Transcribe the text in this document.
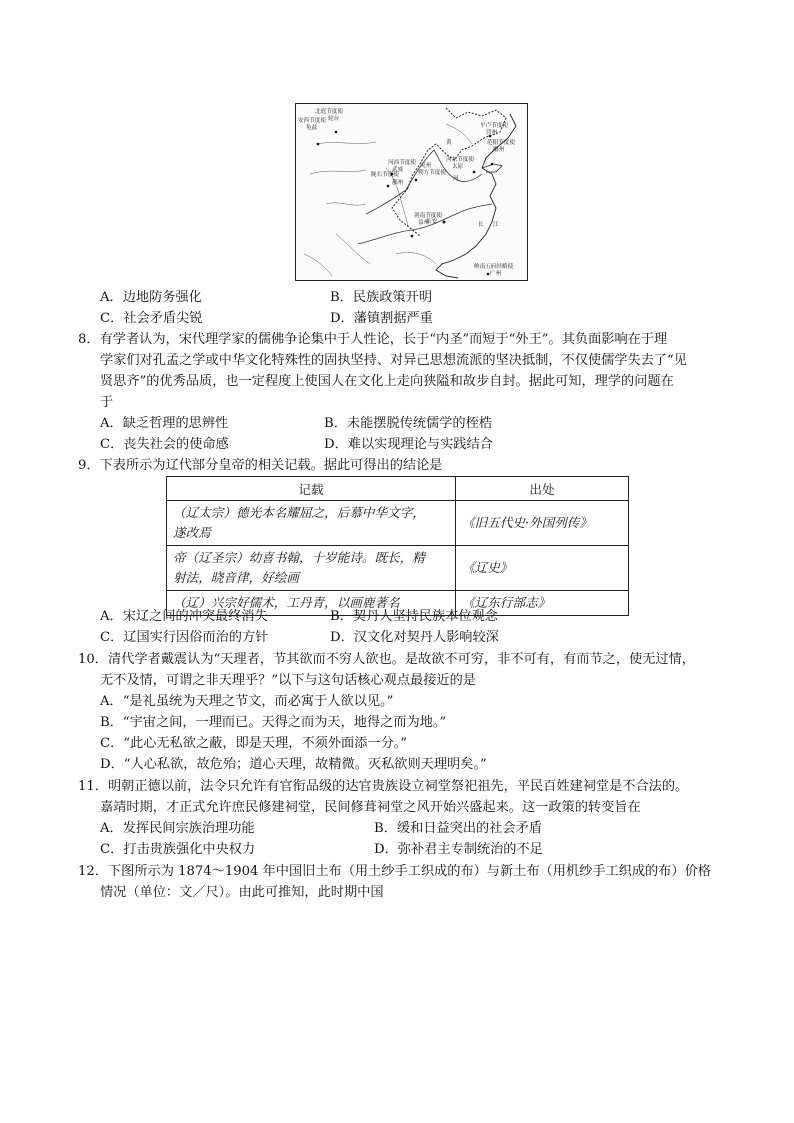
北庭节度使
轮台
安西节度使
龟兹	平卢节度使
营州
范阳节度使
幽州
河西节度使
武威	朔方节度使
灵州
河东节度使
太原
陇右节度使
鄯州
长安
剑南节度使
益州
岭南五府经略使
广州
黄
河
长 江
A．边地防务强化	B．民族政策开明
C．社会矛盾尖锐	D．藩镇割据严重
8．有学者认为，宋代理学家的儒佛争论集中于人性论，长于“内圣”而短于“外王”。其负面影响在于理
学家们对孔孟之学或中华文化特殊性的固执坚持、对异己思想流派的坚决抵制，不仅使儒学失去了“见
贤思齐”的优秀品质，也一定程度上使国人在文化上走向狭隘和故步自封。据此可知，理学的问题在
于
A．缺乏哲理的思辨性	B．未能摆脱传统儒学的桎梏
C．丧失社会的使命感	D．难以实现理论与实践结合
9．下表所示为辽代部分皇帝的相关记载。据此可得出的结论是
记载	出处
（辽太宗）德光本名耀屈之，后慕中华文字，
遂改焉	《旧五代史·外国列传》
帝（辽圣宗）幼喜书翰，十岁能诗。既长，精
射法，晓音律，好绘画	《辽史》
（辽）兴宗好儒术，工丹青，以画鹿著名	《辽东行部志》
A．宋辽之间的冲突最终消失	B．契丹人坚持民族本位观念
C．辽国实行因俗而治的方针	D．汉文化对契丹人影响较深
10．清代学者戴震认为“天理者，节其欲而不穷人欲也。是故欲不可穷，非不可有，有而节之，使无过情，
无不及情，可谓之非天理乎？”以下与这句话核心观点最接近的是
A．“是礼虽统为天理之节文，而必寓于人欲以见。”
B．“宇宙之间，一理而已。天得之而为天，地得之而为地。”
C．“此心无私欲之蔽，即是天理，不须外面添一分。”
D．“人心私欲，故危殆；道心天理，故精微。灭私欲则天理明矣。”
11．明朝正德以前，法令只允许有官衔品级的达官贵族设立祠堂祭祀祖先，平民百姓建祠堂是不合法的。
嘉靖时期，才正式允许庶民修建祠堂，民间修葺祠堂之风开始兴盛起来。这一政策的转变旨在
A．发挥民间宗族治理功能	B．缓和日益突出的社会矛盾
C．打击贵族强化中央权力	D．弥补君主专制统治的不足
12．下图所示为 1874～1904 年中国旧土布（用土纱手工织成的布）与新土布（用机纱手工织成的布）价格
情况（单位：文／尺）。由此可推知，此时期中国
